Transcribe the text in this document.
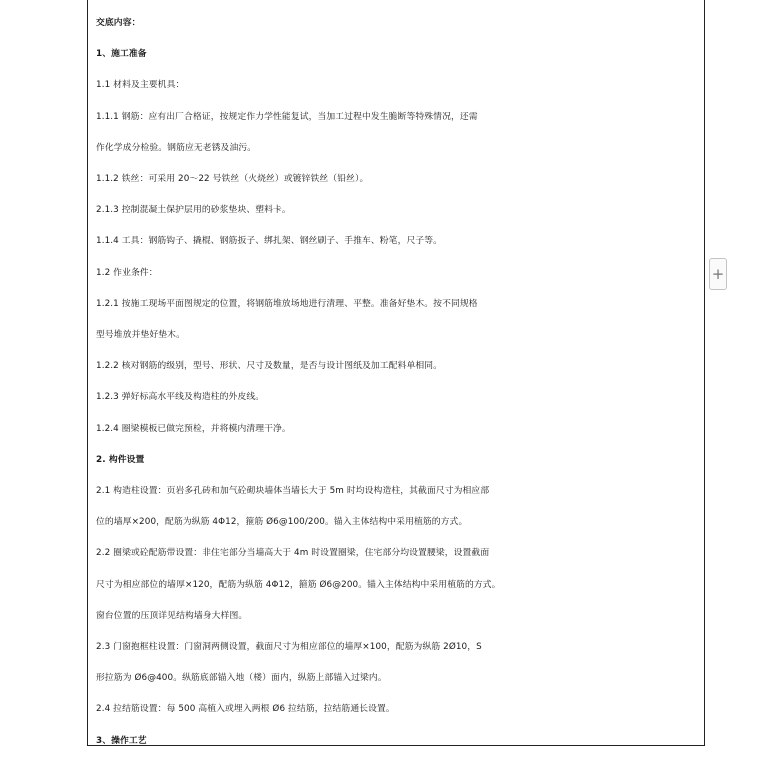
交底内容：
1、施工准备
1.1 材料及主要机具：
1.1.1 钢筋：应有出厂合格证，按规定作力学性能复试，当加工过程中发生脆断等特殊情况，还需
作化学成分检验。钢筋应无老锈及油污。
1.1.2 铁丝：可采用 20～22 号铁丝（火烧丝）或镀锌铁丝（铅丝）。
2.1.3 控制混凝土保护层用的砂浆垫块、塑料卡。
1.1.4 工具：钢筋钩子、撬棍、钢筋扳子、绑扎架、钢丝刷子、手推车、粉笔，尺子等。
1.2 作业条件：
1.2.1 按施工现场平面图规定的位置，将钢筋堆放场地进行清理、平整。准备好垫木。按不同规格
型号堆放并垫好垫木。
1.2.2 核对钢筋的级别，型号、形状、尺寸及数量，是否与设计图纸及加工配料单相同。
1.2.3 弹好标高水平线及构造柱的外皮线。
1.2.4 圈梁模板已做完预检，并将模内清理干净。
2. 构件设置
2.1 构造柱设置：页岩多孔砖和加气砼砌块墙体当墙长大于 5m 时均设构造柱，其截面尺寸为相应部
位的墙厚×200，配筋为纵筋 4Φ12，箍筋 Ø6@100/200。锚入主体结构中采用植筋的方式。
2.2 圈梁或砼配筋带设置：非住宅部分当墙高大于 4m 时设置圈梁，住宅部分均设置腰梁，设置截面
尺寸为相应部位的墙厚×120，配筋为纵筋 4Φ12，箍筋 Ø6@200。锚入主体结构中采用植筋的方式。
窗台位置的压顶详见结构墙身大样图。
2.3 门窗抱框柱设置：门窗洞两侧设置，截面尺寸为相应部位的墙厚×100，配筋为纵筋 2Ø10，S
形拉筋为 Ø6@400。纵筋底部锚入地（楼）面内，纵筋上部锚入过梁内。
2.4 拉结筋设置：每 500 高植入或埋入两根 Ø6 拉结筋，拉结筋通长设置。
3、操作工艺
+
